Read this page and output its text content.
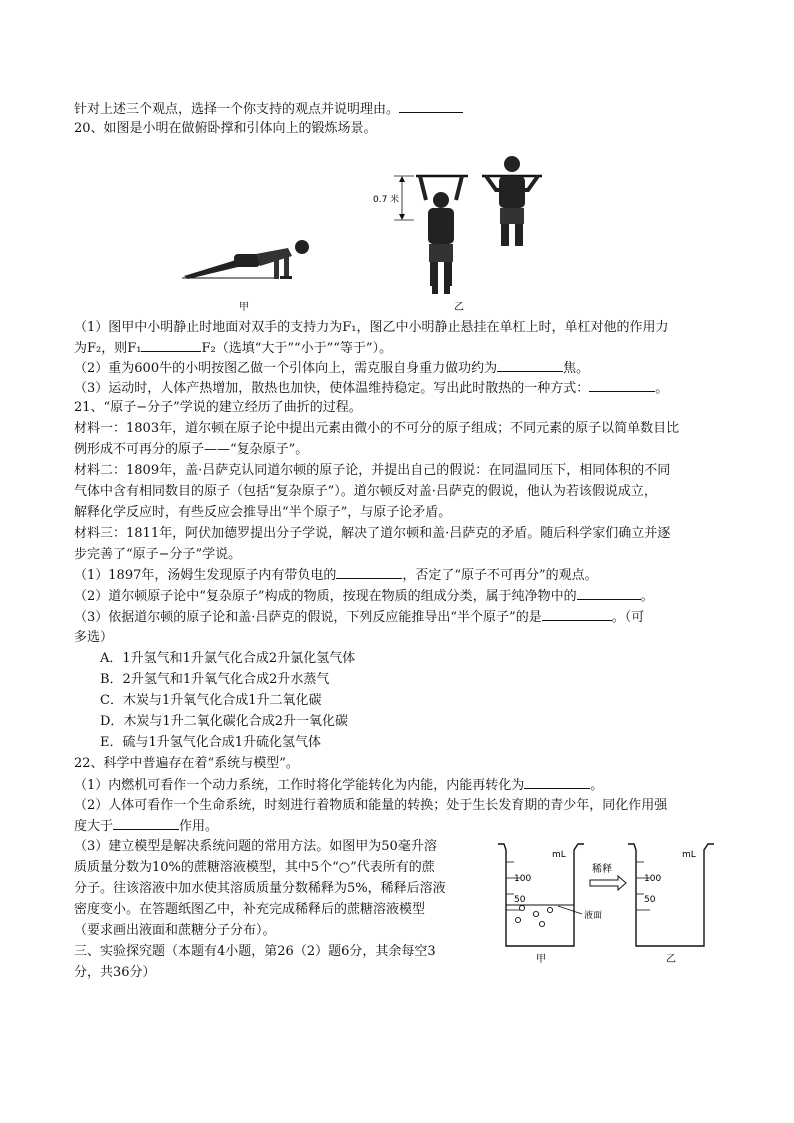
针对上述三个观点，选择一个你支持的观点并说明理由。
20、如图是小明在做俯卧撑和引体向上的锻炼场景。
甲
0.7 米
乙
（1）图甲中小明静止时地面对双手的支持力为F₁，图乙中小明静止悬挂在单杠上时，单杠对他的作用力
为F₂，则F₁	F₂（选填“大于”“小于”“等于”）。
（2）重为600牛的小明按图乙做一个引体向上，需克服自身重力做功约为	焦。
（3）运动时，人体产热增加，散热也加快，使体温维持稳定。写出此时散热的一种方式：	。
21、“原子−分子”学说的建立经历了曲折的过程。
材料一：1803年，道尔顿在原子论中提出元素由微小的不可分的原子组成；不同元素的原子以简单数目比
例形成不可再分的原子——“复杂原子”。
材料二：1809年，盖·吕萨克认同道尔顿的原子论，并提出自己的假说：在同温同压下，相同体积的不同
气体中含有相同数目的原子（包括“复杂原子”）。道尔顿反对盖·吕萨克的假说，他认为若该假说成立，
解释化学反应时，有些反应会推导出“半个原子”，与原子论矛盾。
材料三：1811年，阿伏加德罗提出分子学说，解决了道尔顿和盖·吕萨克的矛盾。随后科学家们确立并逐
步完善了“原子−分子”学说。
（1）1897年，汤姆生发现原子内有带负电的	，否定了“原子不可再分”的观点。
（2）道尔顿原子论中“复杂原子”构成的物质，按现在物质的组成分类，属于纯净物中的	。
（3）依据道尔顿的原子论和盖·吕萨克的假说，下列反应能推导出“半个原子”的是	。（可
多选）
A．1升氢气和1升氯气化合成2升氯化氢气体
B．2升氢气和1升氧气化合成2升水蒸气
C．木炭与1升氧气化合成1升二氧化碳
D．木炭与1升二氧化碳化合成2升一氧化碳
E．硫与1升氢气化合成1升硫化氢气体
22、科学中普遍存在着“系统与模型”。
（1）内燃机可看作一个动力系统，工作时将化学能转化为内能，内能再转化为	。
（2）人体可看作一个生命系统，时刻进行着物质和能量的转换；处于生长发育期的青少年，同化作用强
度大于	作用。
（3）建立模型是解决系统问题的常用方法。如图甲为50毫升溶
质质量分数为10%的蔗糖溶液模型，其中5个“○”代表所有的蔗
分子。往该溶液中加水使其溶质质量分数稀释为5%，稀释后溶液
密度变小。在答题纸图乙中，补充完成稀释后的蔗糖溶液模型
（要求画出液面和蔗糖分子分布）。
三、实验探究题（本题有4小题，第26（2）题6分，其余每空3
分，共36分）
mL
100
50
液面
甲
稀释
mL
100
50
乙
